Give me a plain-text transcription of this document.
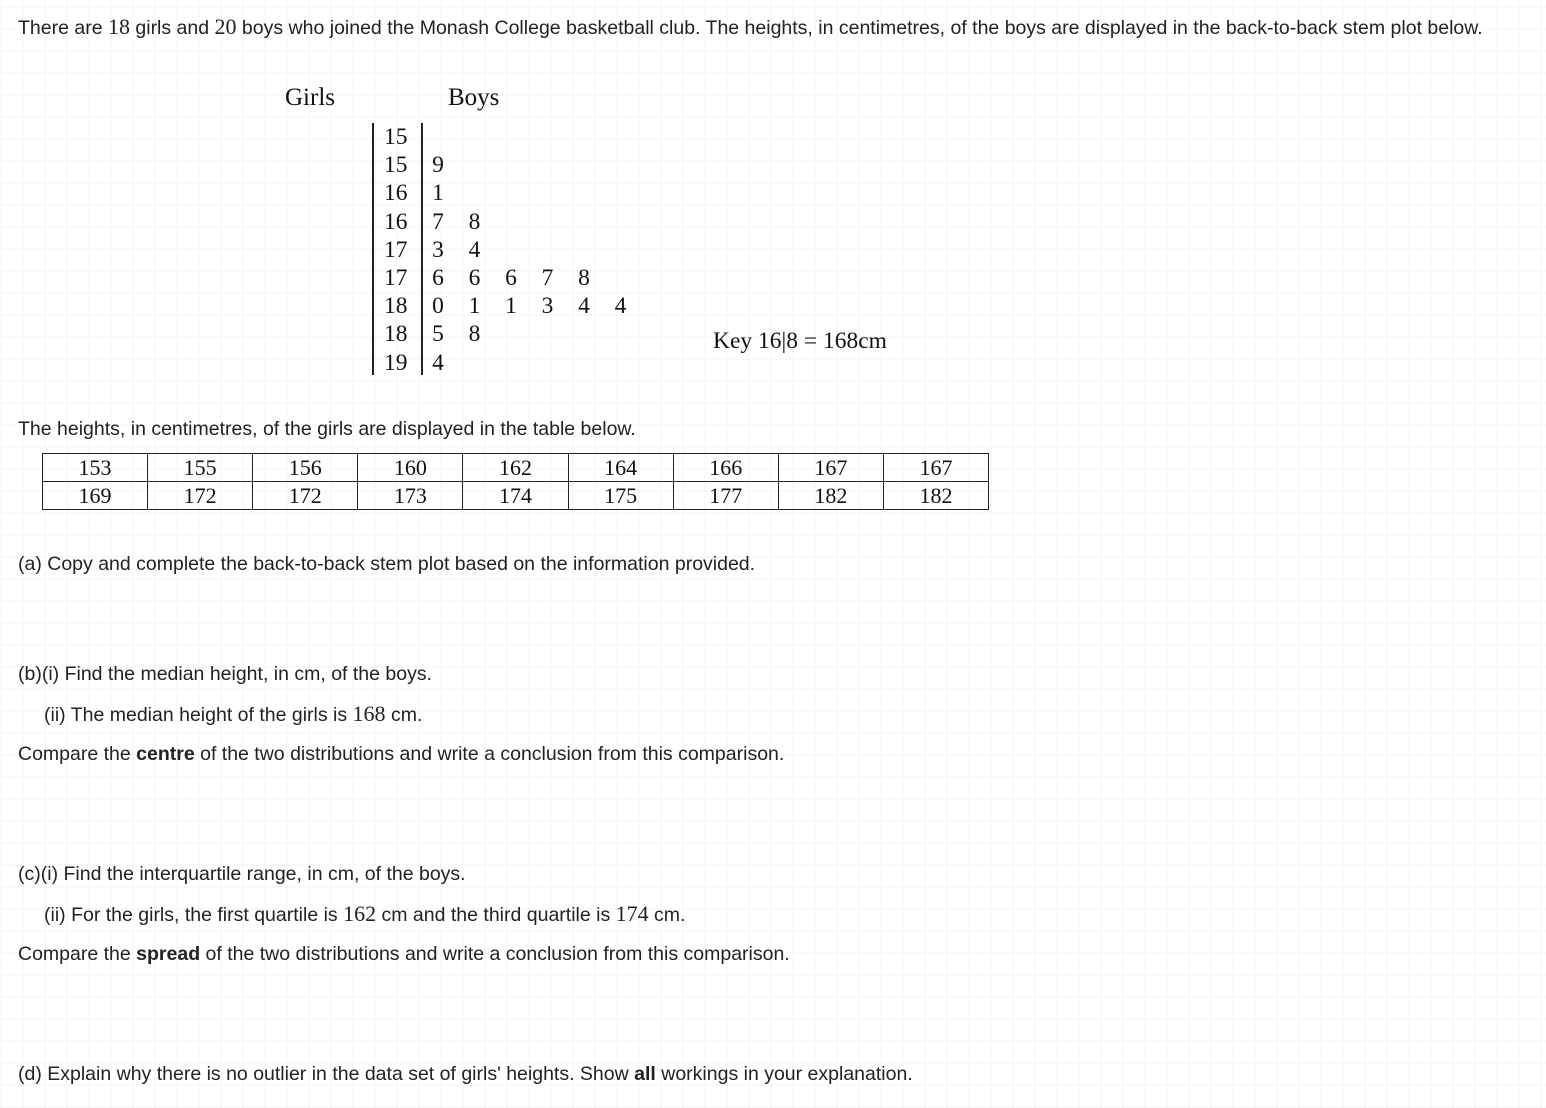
There are 18 girls and 20 boys who joined the Monash College basketball club. The heights, in centimetres, of the boys are displayed in the back-to-back stem plot below.

Girls	Boys
15
15	9
16	1
16	7 8
17	3 4
17	6 6 6 7 8
18	0 1 1 3 4 4
18	5 8
19	4
Key 16|8 = 168cm

The heights, in centimetres, of the girls are displayed in the table below.

153	155	156	160	162	164	166	167	167
169	172	172	173	174	175	177	182	182

(a) Copy and complete the back-to-back stem plot based on the information provided.

(b)(i) Find the median height, in cm, of the boys.

(ii) The median height of the girls is 168 cm.

Compare the centre of the two distributions and write a conclusion from this comparison.

(c)(i) Find the interquartile range, in cm, of the boys.

(ii) For the girls, the first quartile is 162 cm and the third quartile is 174 cm.

Compare the spread of the two distributions and write a conclusion from this comparison.

(d) Explain why there is no outlier in the data set of girls' heights. Show all workings in your explanation.
